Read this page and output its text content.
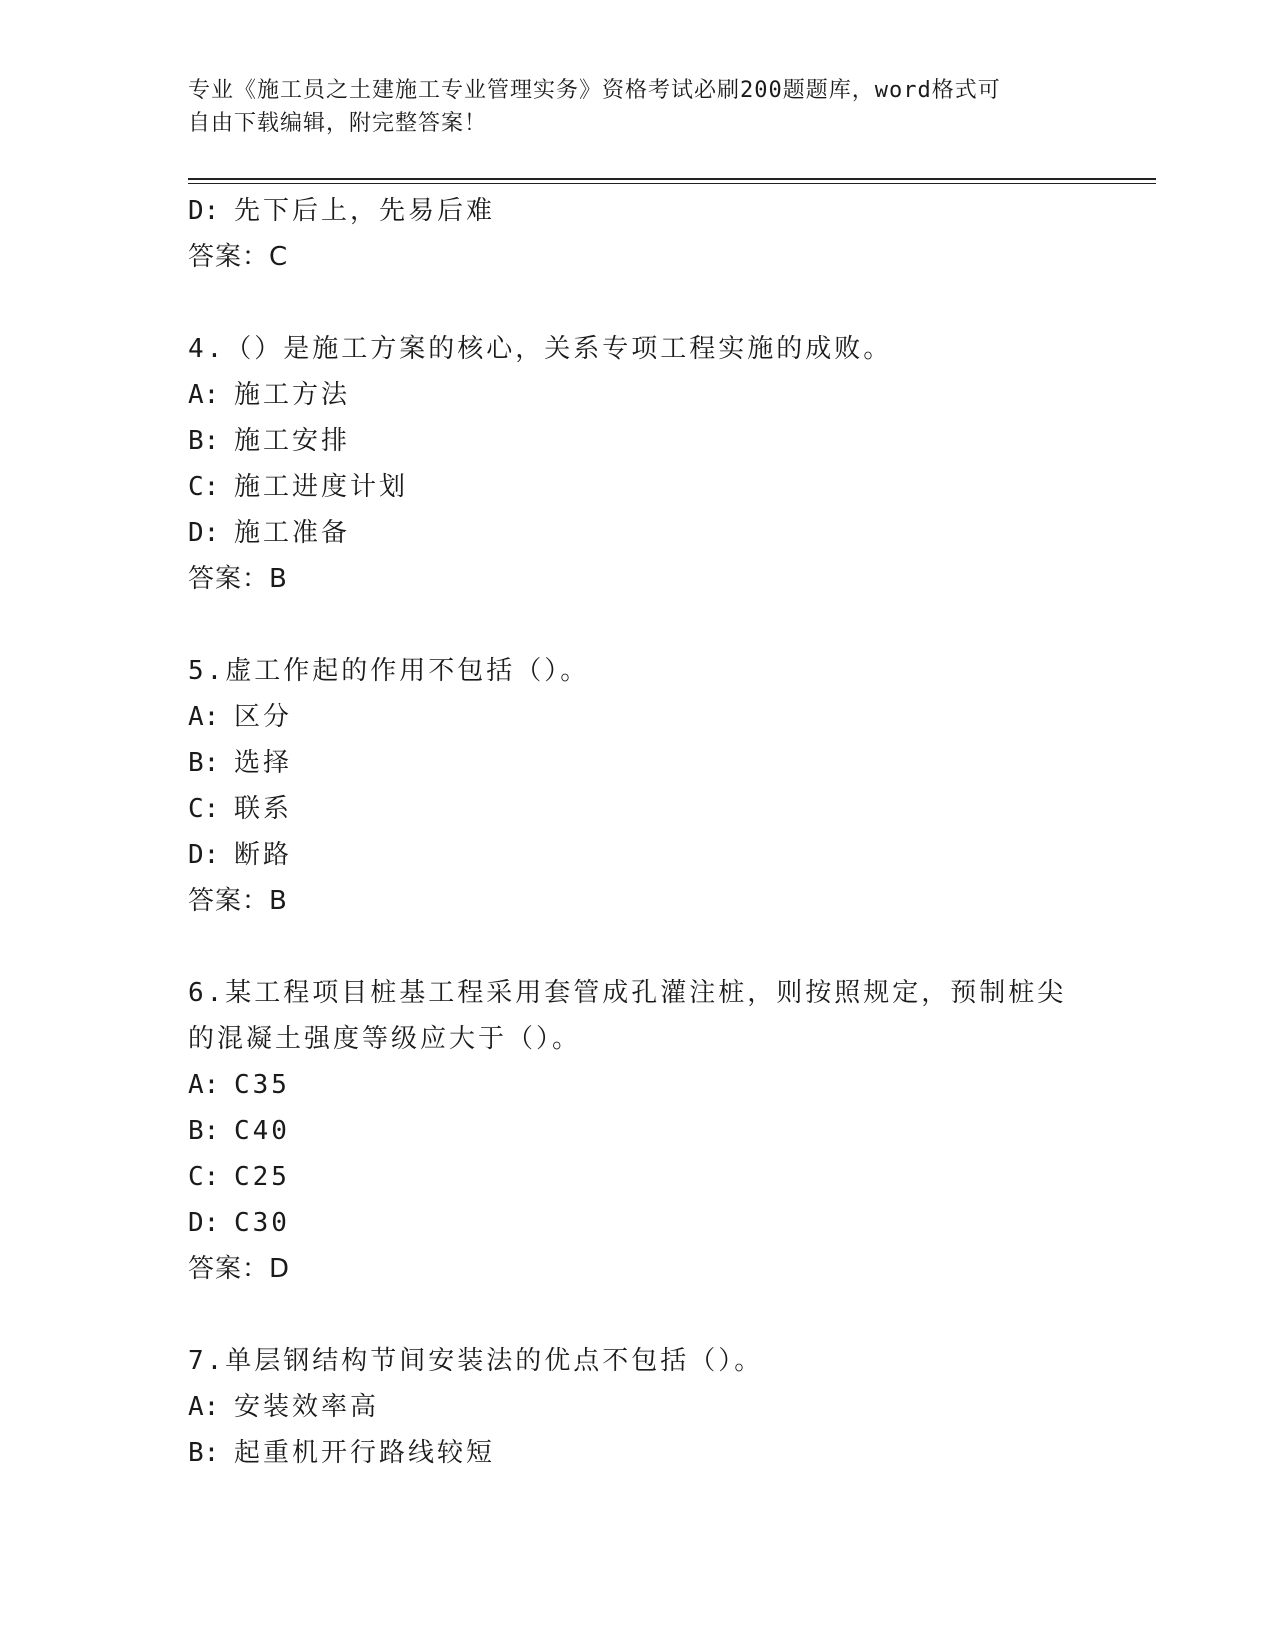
专业《施工员之土建施工专业管理实务》资格考试必刷200题题库，word格式可
自由下载编辑，附完整答案！
D: 先下后上，先易后难
答案：C
4.（）是施工方案的核心，关系专项工程实施的成败。
A: 施工方法
B: 施工安排
C: 施工进度计划
D: 施工准备
答案：B
5.虚工作起的作用不包括（）。
A: 区分
B: 选择
C: 联系
D: 断路
答案：B
6.某工程项目桩基工程采用套管成孔灌注桩，则按照规定，预制桩尖
的混凝土强度等级应大于（）。
A: C35
B: C40
C: C25
D: C30
答案：D
7.单层钢结构节间安装法的优点不包括（）。
A: 安装效率高
B: 起重机开行路线较短
